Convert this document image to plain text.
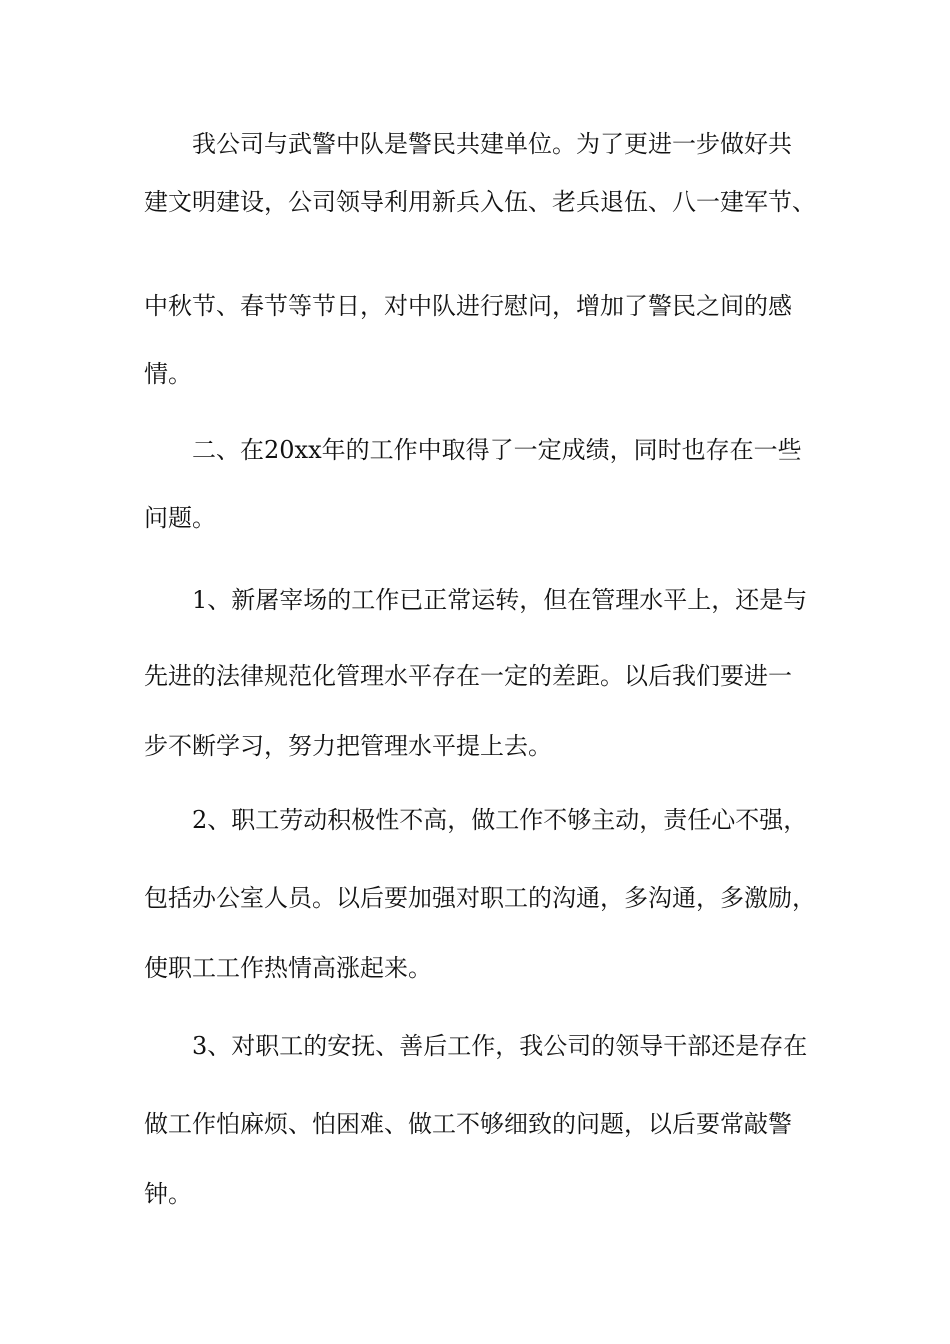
我公司与武警中队是警民共建单位。为了更进一步做好共
建文明建设，公司领导利用新兵入伍、老兵退伍、八一建军节、
中秋节、春节等节日，对中队进行慰问，增加了警民之间的感
情。
二、在20xx年的工作中取得了一定成绩，同时也存在一些
问题。
1、新屠宰场的工作已正常运转，但在管理水平上，还是与
先进的法律规范化管理水平存在一定的差距。以后我们要进一
步不断学习，努力把管理水平提上去。
2、职工劳动积极性不高，做工作不够主动，责任心不强，
包括办公室人员。以后要加强对职工的沟通，多沟通，多激励，
使职工工作热情高涨起来。
3、对职工的安抚、善后工作，我公司的领导干部还是存在
做工作怕麻烦、怕困难、做工不够细致的问题，以后要常敲警
钟。
